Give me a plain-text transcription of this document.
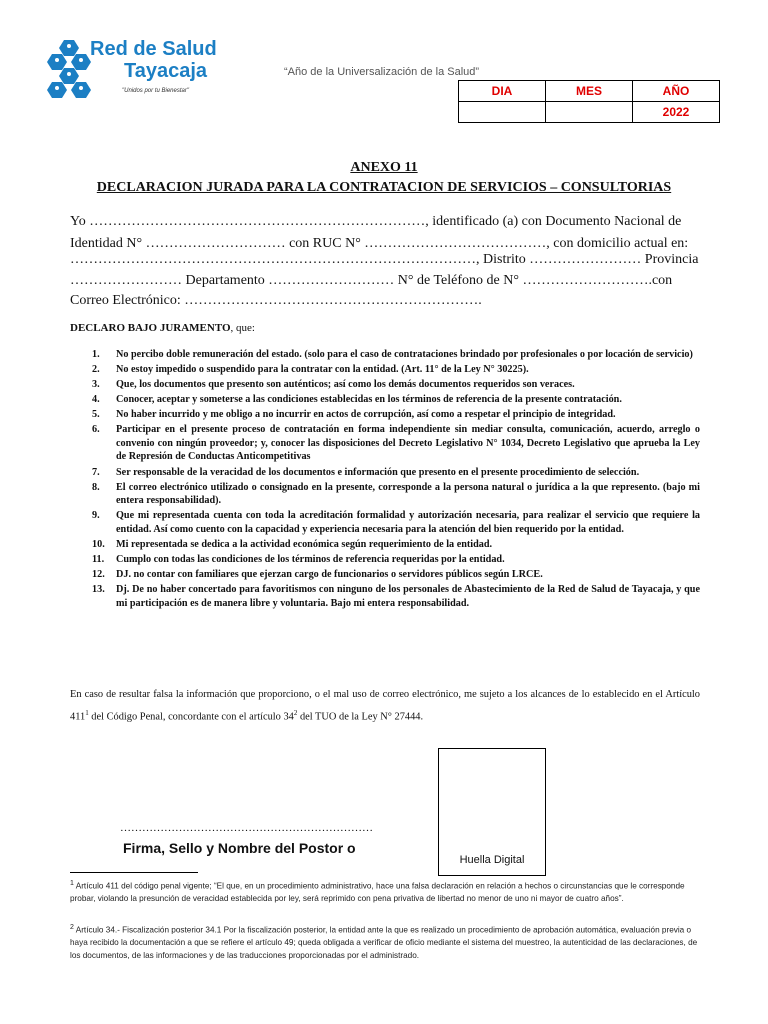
Red de Salud
Tayacaja
"Unidos por tu Bienestar"
“Año de la Universalización de la Salud”
DIA	MES	AÑO
		2022
ANEXO 11
DECLARACION JURADA PARA LA CONTRATACION DE SERVICIOS – CONSULTORIAS
Yo ………………………………………………………………, identificado (a) con Documento Nacional de
Identidad N° ………………………… con RUC N° …………………………………, con domicilio actual en:
……………………………………………………………………………, Distrito …………………… Provincia
…………………… Departamento ……………………… N° de Teléfono de N° ……………………….con
Correo Electrónico: ……………………………………………………….
DECLARO BAJO JURAMENTO, que:
1. No percibo doble remuneración del estado. (solo para el caso de contrataciones brindado por profesionales o por locación de servicio)
2. No estoy impedido o suspendido para la contratar con la entidad. (Art. 11° de la Ley N° 30225).
3. Que, los documentos que presento son auténticos; así como los demás documentos requeridos son veraces.
4. Conocer, aceptar y someterse a las condiciones establecidas en los términos de referencia de la presente contratación.
5. No haber incurrido y me obligo a no incurrir en actos de corrupción, así como a respetar el principio de integridad.
6. Participar en el presente proceso de contratación en forma independiente sin mediar consulta, comunicación, acuerdo, arreglo o convenio con ningún proveedor; y, conocer las disposiciones del Decreto Legislativo N° 1034, Decreto Legislativo que aprueba la Ley de Represión de Conductas Anticompetitivas
7. Ser responsable de la veracidad de los documentos e información que presento en el presente procedimiento de selección.
8. El correo electrónico utilizado o consignado en la presente, corresponde a la persona natural o jurídica a la que represento. (bajo mi entera responsabilidad).
9. Que mi representada cuenta con toda la acreditación formalidad y autorización necesaria, para realizar el servicio que requiere la entidad. Así como cuento con la capacidad y experiencia necesaria para la atención del bien requerido por la entidad.
10. Mi representada se dedica a la actividad económica según requerimiento de la entidad.
11. Cumplo con todas las condiciones de los términos de referencia requeridas por la entidad.
12. DJ. no contar con familiares que ejerzan cargo de funcionarios o servidores públicos según LRCE.
13. Dj. De no haber concertado para favoritismos con ninguno de los personales de Abastecimiento de la Red de Salud de Tayacaja, y que mi participación es de manera libre y voluntaria. Bajo mi entera responsabilidad.
En caso de resultar falsa la información que proporciono, o el mal uso de correo electrónico, me sujeto a los alcances de lo establecido en el Artículo $411^1$ del Código Penal, concordante con el artículo $34^2$ del TUO de la Ley N° 27444.
Huella Digital
……………………………………………………………
Firma, Sello y Nombre del Postor o
$^1$ Artículo 411 del código penal vigente; “El que, en un procedimiento administrativo, hace una falsa declaración en relación a hechos o circunstancias que le corresponde probar, violando la presunción de veracidad establecida por ley, será reprimido con pena privativa de libertad no menor de uno ni mayor de cuatro años”.
$^2$ Artículo 34.- Fiscalización posterior 34.1 Por la fiscalización posterior, la entidad ante la que es realizado un procedimiento de aprobación automática, evaluación previa o haya recibido la documentación a que se refiere el artículo 49; queda obligada a verificar de oficio mediante el sistema del muestreo, la autenticidad de las declaraciones, de los documentos, de las informaciones y de las traducciones proporcionadas por el administrado.
